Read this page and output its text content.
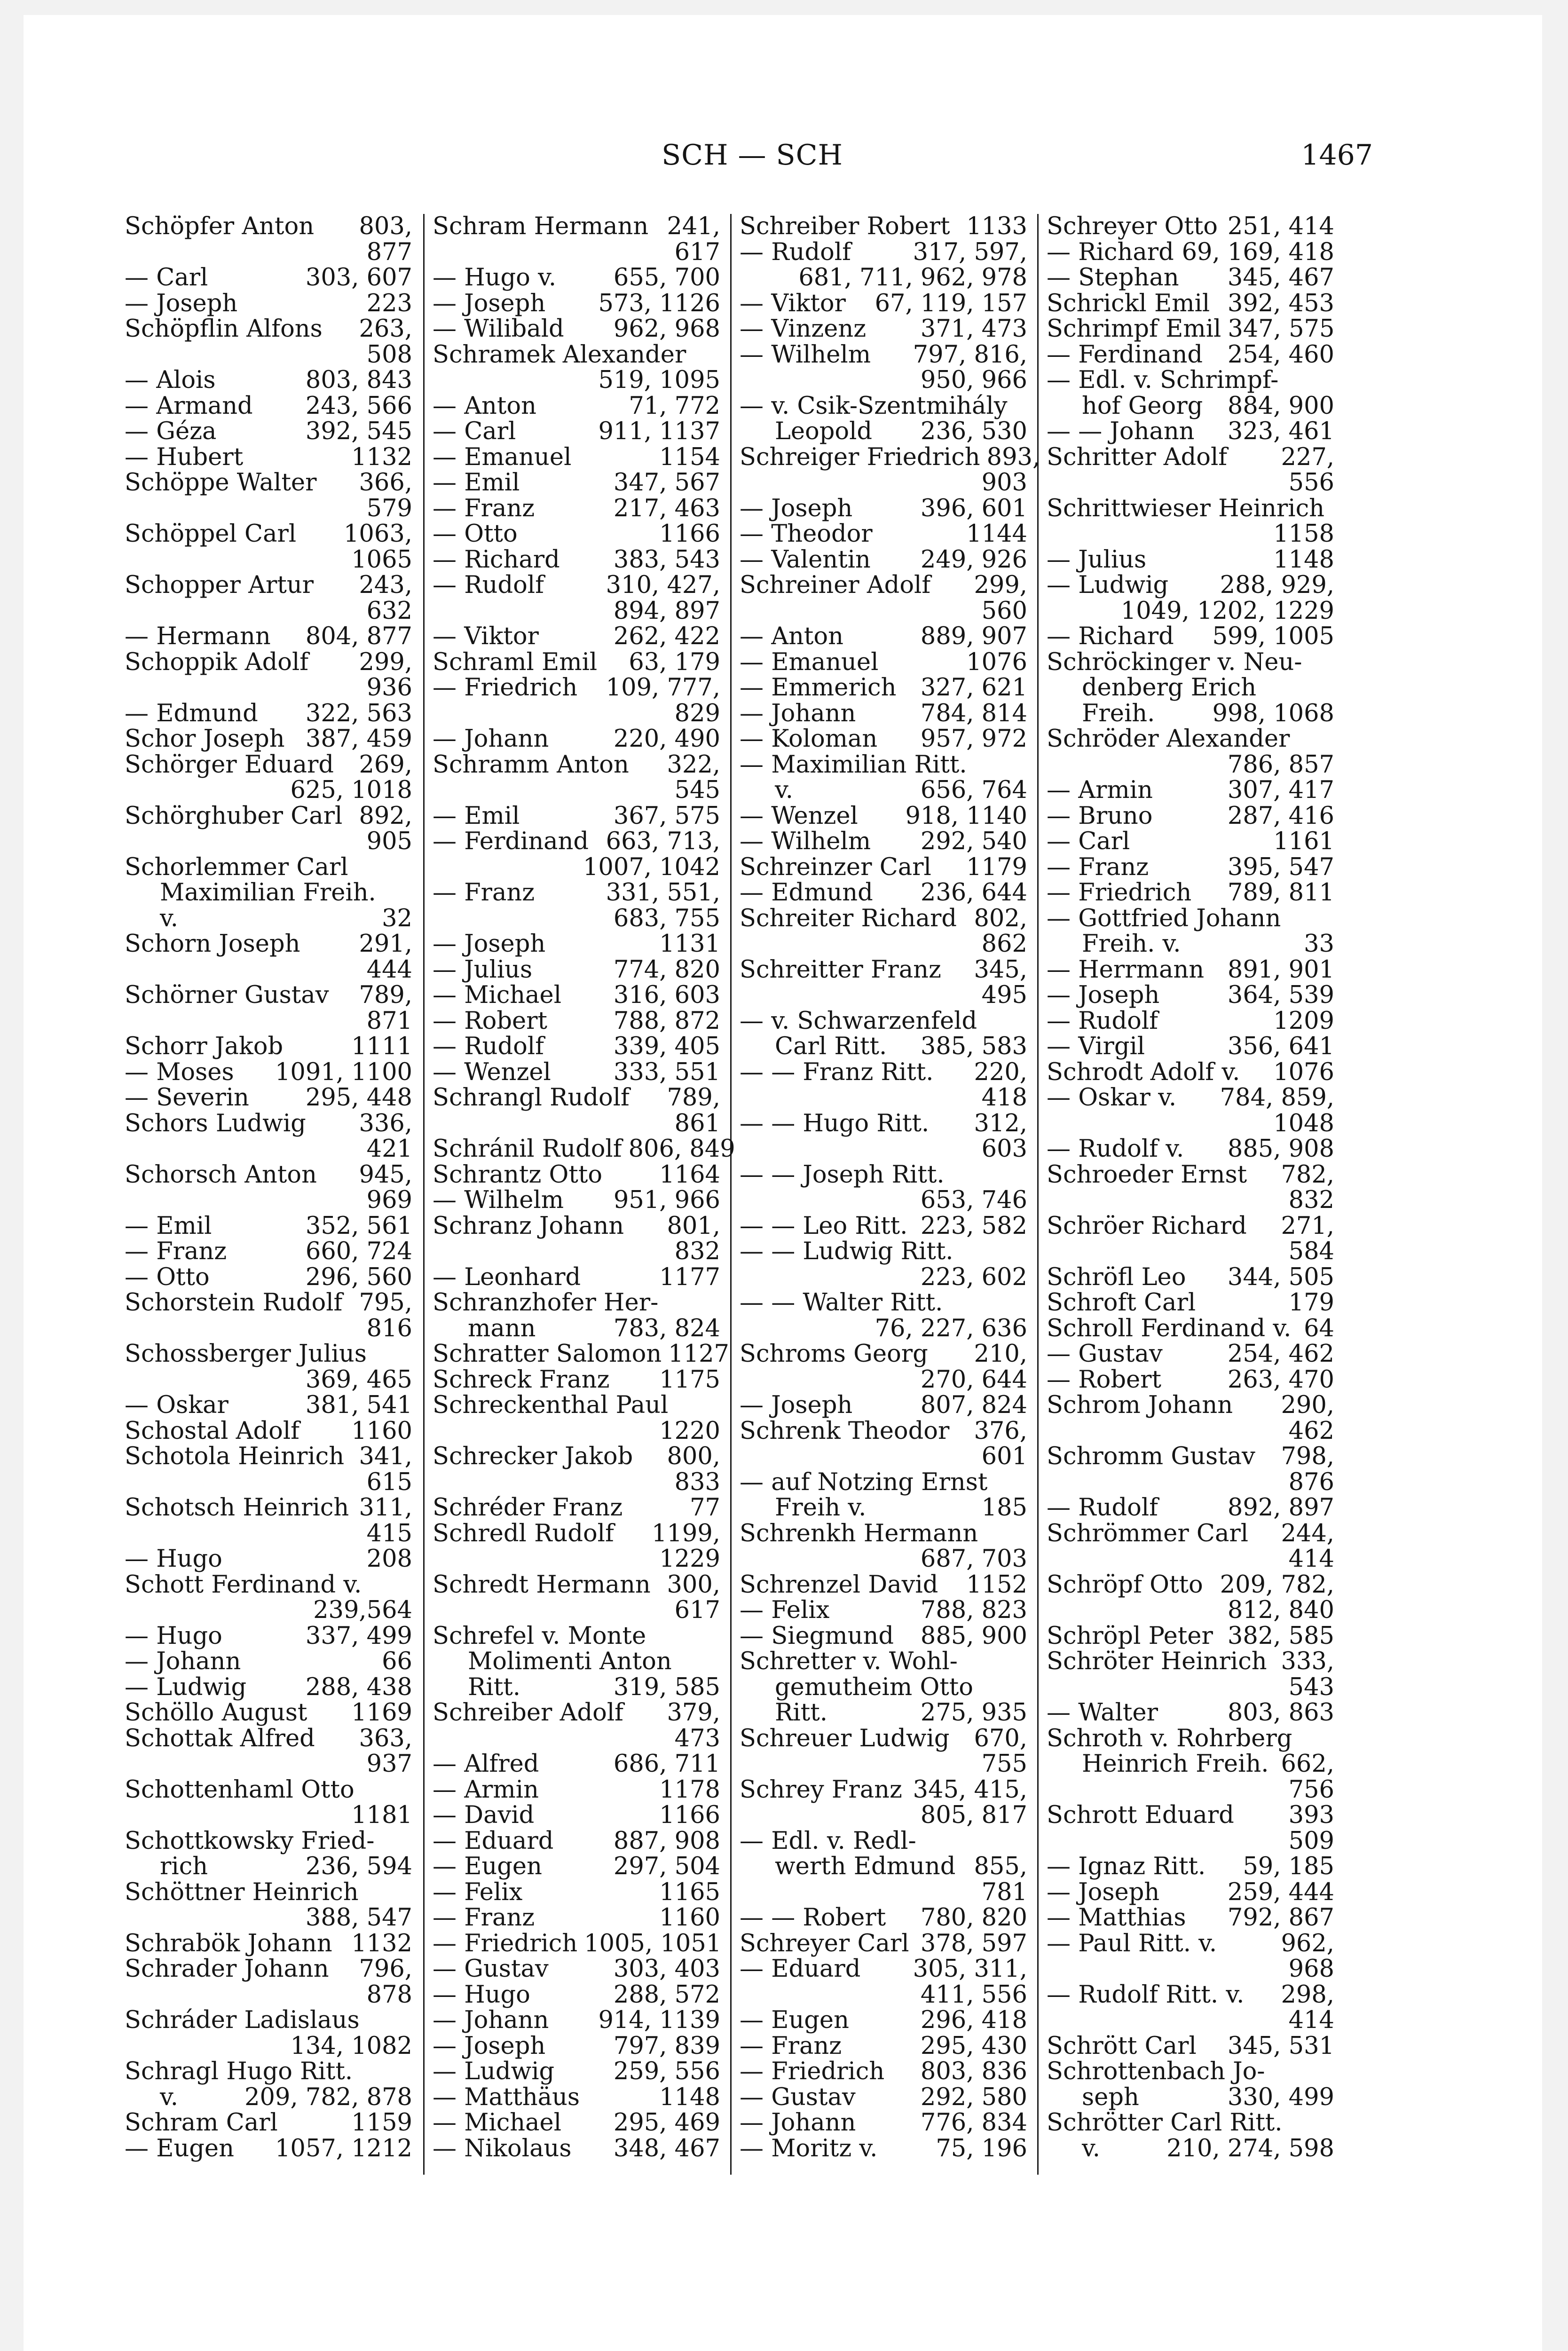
SCH — SCH	1467
Schöpfer Anton	803,
877
— Carl	303, 607
— Joseph	223
Schöpflin Alfons	263,
508
— Alois	803, 843
— Armand	243, 566
— Géza	392, 545
— Hubert	1132
Schöppe Walter	366,
579
Schöppel Carl	1063,
1065
Schopper Artur	243,
632
— Hermann	804, 877
Schoppik Adolf	299,
936
— Edmund	322, 563
Schor Joseph 387, 459
Schörger Eduard	269,
625, 1018
Schörghuber Carl 892,
905
Schorlemmer Carl
Maximilian Freih.
v.	32
Schorn Joseph	291,
444
Schörner Gustav	789,
871
Schorr Jakob	1111
— Moses	1091, 1100
— Severin	295, 448
Schors Ludwig	336,
421
Schorsch Anton	945,
969
— Emil	352, 561
— Franz	660, 724
— Otto	296, 560
Schorstein Rudolf 795,
816
Schossberger Julius
369, 465
— Oskar	381, 541
Schostal Adolf	1160
Schotola Heinrich 341,
615
Schotsch Heinrich 311,
415
— Hugo	208
Schott Ferdinand v.
239,564
— Hugo	337, 499
— Johann	66
— Ludwig	288, 438
Schöllo August	1169
Schottak Alfred	363,
937
Schottenhaml Otto
1181
Schottkowsky Fried-
rich	236, 594
Schöttner Heinrich
388, 547
Schrabök Johann 1132
Schrader Johann	796,
878
Schráder Ladislaus
134, 1082
Schragl Hugo Ritt.
v.	209, 782, 878
Schram Carl	1159
— Eugen	1057, 1212
Schram Hermann 241,
617
— Hugo v.	655, 700
— Joseph	573, 1126
— Wilibald	962, 968
Schramek Alexander
519, 1095
— Anton	71, 772
— Carl	911, 1137
— Emanuel	1154
— Emil	347, 567
— Franz	217, 463
— Otto	1166
— Richard	383, 543
— Rudolf	310, 427,
894, 897
— Viktor	262, 422
Schraml Emil	63, 179
— Friedrich	109, 777,
829
— Johann	220, 490
Schramm Anton	322,
545
— Emil	367, 575
— Ferdinand 663, 713,
1007, 1042
— Franz	331, 551,
683, 755
— Joseph	1131
— Julius	774, 820
— Michael	316, 603
— Robert	788, 872
— Rudolf	339, 405
— Wenzel	333, 551
Schrangl Rudolf	789,
861
Schránil Rudolf 806, 849
Schrantz Otto	1164
— Wilhelm	951, 966
Schranz Johann	801,
832
— Leonhard	1177
Schranzhofer Her-
mann	783, 824
Schratter Salomon 1127
Schreck Franz	1175
Schreckenthal Paul
1220
Schrecker Jakob	800,
833
Schréder Franz	77
Schredl Rudolf	1199,
1229
Schredt Hermann 300,
617
Schrefel v. Monte
Molimenti Anton
Ritt.	319, 585
Schreiber Adolf	379,
473
— Alfred	686, 711
— Armin	1178
— David	1166
— Eduard	887, 908
— Eugen	297, 504
— Felix	1165
— Franz	1160
— Friedrich 1005, 1051
— Gustav	303, 403
— Hugo	288, 572
— Johann	914, 1139
— Joseph	797, 839
— Ludwig	259, 556
— Matthäus	1148
— Michael	295, 469
— Nikolaus	348, 467
Schreiber Robert 1133
— Rudolf	317, 597,
681, 711, 962, 978
— Viktor	67, 119, 157
— Vinzenz	371, 473
— Wilhelm	797, 816,
950, 966
— v. Csik-Szentmihály
Leopold	236, 530
Schreiger Friedrich 893,
903
— Joseph	396, 601
— Theodor	1144
— Valentin	249, 926
Schreiner Adolf	299,
560
— Anton	889, 907
— Emanuel	1076
— Emmerich	327, 621
— Johann	784, 814
— Koloman	957, 972
— Maximilian Ritt.
v.	656, 764
— Wenzel	918, 1140
— Wilhelm	292, 540
Schreinzer Carl	1179
— Edmund	236, 644
Schreiter Richard 802,
862
Schreitter Franz	345,
495
— v. Schwarzenfeld
Carl Ritt.	385, 583
— — Franz Ritt.	220,
418
— — Hugo Ritt.	312,
603
— — Joseph Ritt.
653, 746
— — Leo Ritt. 223, 582
— — Ludwig Ritt.
223, 602
— — Walter Ritt.
76, 227, 636
Schroms Georg	210,
270, 644
— Joseph	807, 824
Schrenk Theodor	376,
601
— auf Notzing Ernst
Freih v.	185
Schrenkh Hermann
687, 703
Schrenzel David	1152
— Felix	788, 823
— Siegmund	885, 900
Schretter v. Wohl-
gemutheim Otto
Ritt.	275, 935
Schreuer Ludwig	670,
755
Schrey Franz 345, 415,
805, 817
— Edl. v. Redl-
werth Edmund 855,
781
— — Robert	780, 820
Schreyer Carl 378, 597
— Eduard	305, 311,
411, 556
— Eugen	296, 418
— Franz	295, 430
— Friedrich	803, 836
— Gustav	292, 580
— Johann	776, 834
— Moritz v.	75, 196
Schreyer Otto 251, 414
— Richard 69, 169, 418
— Stephan	345, 467
Schrickl Emil 392, 453
Schrimpf Emil 347, 575
— Ferdinand	254, 460
— Edl. v. Schrimpf-
hof Georg	884, 900
— — Johann	323, 461
Schritter Adolf	227,
556
Schrittwieser Heinrich
1158
— Julius	1148
— Ludwig	288, 929,
1049, 1202, 1229
— Richard	599, 1005
Schröckinger v. Neu-
denberg Erich
Freih.	998, 1068
Schröder Alexander
786, 857
— Armin	307, 417
— Bruno	287, 416
— Carl	1161
— Franz	395, 547
— Friedrich	789, 811
— Gottfried Johann
Freih. v.	33
— Herrmann 891, 901
— Joseph	364, 539
— Rudolf	1209
— Virgil	356, 641
Schrodt Adolf v.	1076
— Oskar v.	784, 859,
1048
— Rudolf v.	885, 908
Schroeder Ernst	782,
832
Schröer Richard	271,
584
Schröfl Leo	344, 505
Schroft Carl	179
Schroll Ferdinand v. 64
— Gustav	254, 462
— Robert	263, 470
Schrom Johann	290,
462
Schromm Gustav	798,
876
— Rudolf	892, 897
Schrömmer Carl	244,
414
Schröpf Otto 209, 782,
812, 840
Schröpl Peter 382, 585
Schröter Heinrich 333,
543
— Walter	803, 863
Schroth v. Rohrberg
Heinrich Freih. 662,
756
Schrott Eduard	393
509
— Ignaz Ritt.	59, 185
— Joseph	259, 444
— Matthias	792, 867
— Paul Ritt. v.	962,
968
— Rudolf Ritt. v.	298,
414
Schrött Carl	345, 531
Schrottenbach Jo-
seph	330, 499
Schrötter Carl Ritt.
v.	210, 274, 598
